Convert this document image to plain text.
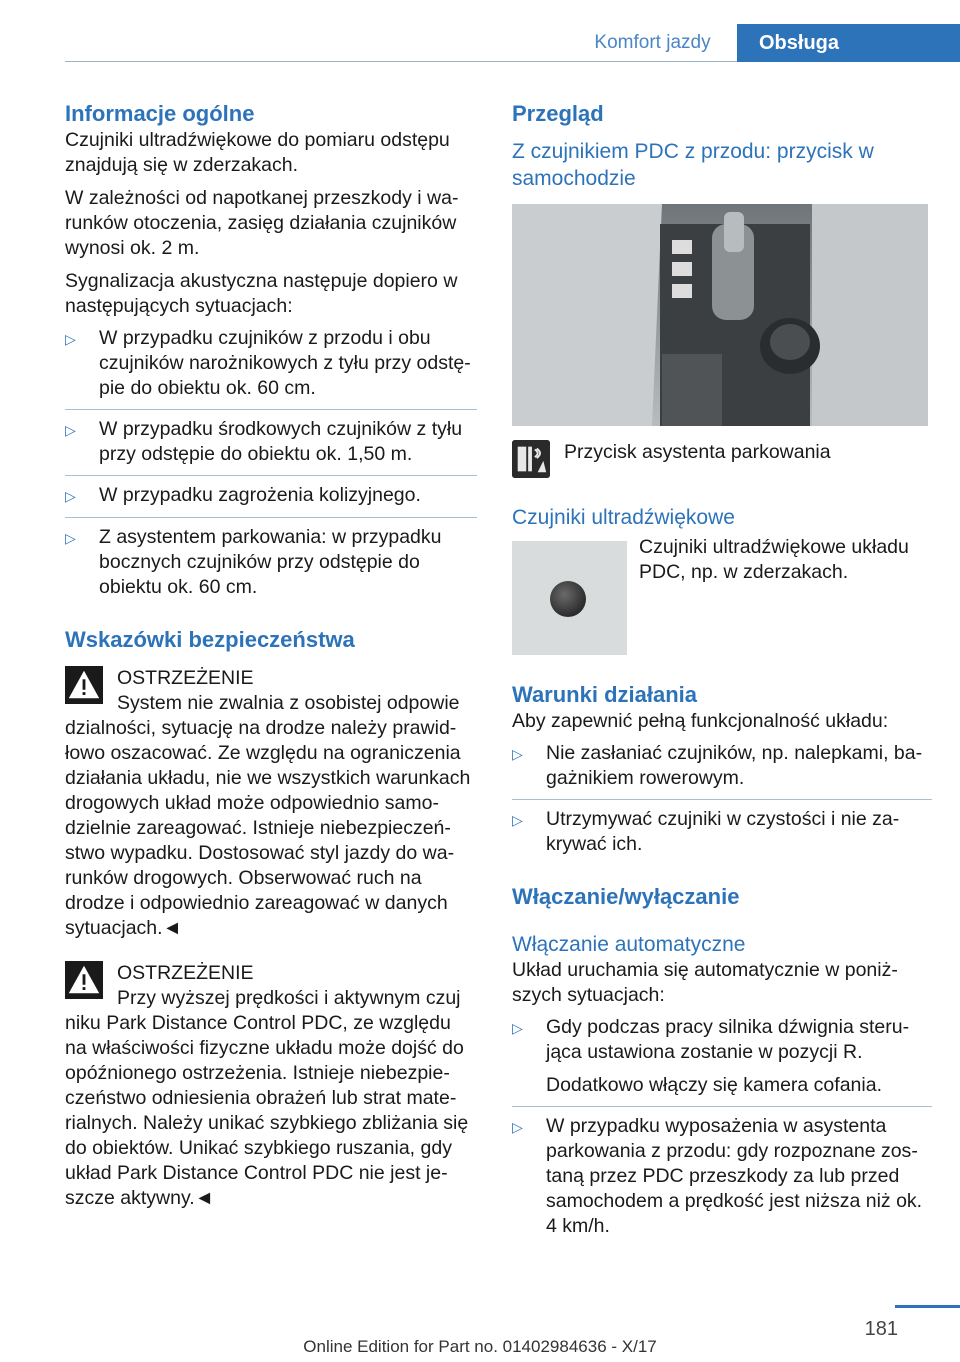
Komfort jazdy	Obsługa
Informacje ogólne

Czujniki ultradźwiękowe do pomiaru odstępu znajdują się w zderzakach.

W zależności od napotkanej przeszkody i warunków otoczenia, zasięg działania czujników wynosi ok. 2 m.

Sygnalizacja akustyczna następuje dopiero w następujących sytuacjach:

▷	W przypadku czujników z przodu i obu czujników narożnikowych z tyłu przy odstępie do obiektu ok. 60 cm.
▷	W przypadku środkowych czujników z tyłu przy odstępie do obiektu ok. 1,50 m.
▷	W przypadku zagrożenia kolizyjnego.
▷	Z asystentem parkowania: w przypadku bocznych czujników przy odstępie do obiektu ok. 60 cm.
Wskazówki bezpieczeństwa
OSTRZEŻENIE
System nie zwalnia z osobistej odpowie
dzialności, sytuację na drodze należy prawidłowo oszacować. Ze względu na ograniczenia działania układu, nie we wszystkich warunkach drogowych układ może odpowiednio samodzielnie zareagować. Istnieje niebezpieczeństwo wypadku. Dostosować styl jazdy do warunków drogowych. Obserwować ruch na drodze i odpowiednio zareagować w danych sytuacjach.◄
OSTRZEŻENIE
Przy wyższej prędkości i aktywnym czuj
niku Park Distance Control PDC, ze względu na właściwości fizyczne układu może dojść do opóźnionego ostrzeżenia. Istnieje niebezpieczeństwo odniesienia obrażeń lub strat materialnych. Należy unikać szybkiego zbliżania się do obiektów. Unikać szybkiego ruszania, gdy układ Park Distance Control PDC nie jest jeszcze aktywny.◄
Przegląd
Z czujnikiem PDC z przodu: przycisk w samochodzie
Przycisk asystenta parkowania
Czujniki ultradźwiękowe
Czujniki ultradźwiękowe układu PDC, np. w zderzakach.
Warunki działania

Aby zapewnić pełną funkcjonalność układu:

▷	Nie zasłaniać czujników, np. nalepkami, bagażnikiem rowerowym.
▷	Utrzymywać czujniki w czystości i nie zakrywać ich.
Włączanie/wyłączanie
Włączanie automatyczne

Układ uruchamia się automatycznie w poniższych sytuacjach:

▷	Gdy podczas pracy silnika dźwignia sterująca ustawiona zostanie w pozycji R.
Dodatkowo włączy się kamera cofania.
▷	W przypadku wyposażenia w asystenta parkowania z przodu: gdy rozpoznane zostaną przez PDC przeszkody za lub przed samochodem a prędkość jest niższa niż ok. 4 km/h.
181
Online Edition for Part no. 01402984636 - X/17
